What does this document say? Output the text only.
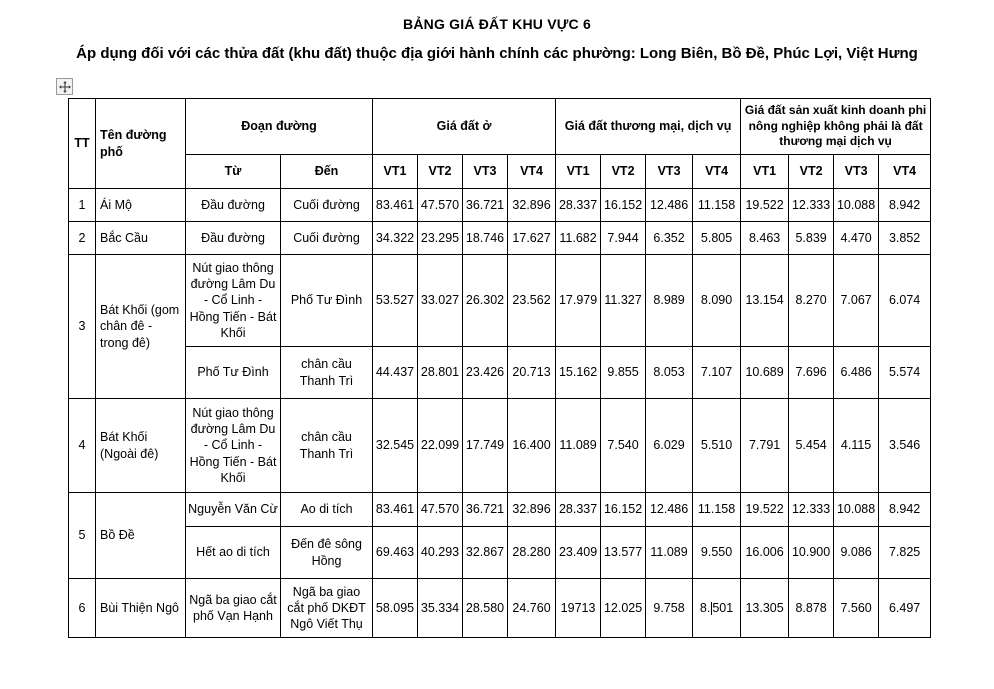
BẢNG GIÁ ĐẤT KHU VỰC 6
Áp dụng đối với các thửa đất (khu đất) thuộc địa giới hành chính các phường: Long Biên, Bồ Đề, Phúc Lợi, Việt Hưng
TT	Tên đường phố	Đoạn đường		Giá đất ở				Giá đất thương mại, dịch vụ				Giá đất sản xuất kinh doanh phi nông nghiệp không phải là đất thương mại dịch vụ			
		Từ	Đến	VT1	VT2	VT3	VT4	VT1	VT2	VT3	VT4	VT1	VT2	VT3	VT4
1	Ái Mộ	Đầu đường	Cuối đường	83.461	47.570	36.721	32.896	28.337	16.152	12.486	11.158	19.522	12.333	10.088	8.942
2	Bắc Cầu	Đầu đường	Cuối đường	34.322	23.295	18.746	17.627	11.682	7.944	6.352	5.805	8.463	5.839	4.470	3.852
3	Bát Khối (gom chân đê - trong đê)	Nút giao thông đường Lâm Du - Cổ Linh - Hồng Tiến - Bát Khối	Phố Tư Đình	53.527	33.027	26.302	23.562	17.979	11.327	8.989	8.090	13.154	8.270	7.067	6.074
		Phố Tư Đình	chân cầu Thanh Trì	44.437	28.801	23.426	20.713	15.162	9.855	8.053	7.107	10.689	7.696	6.486	5.574
4	Bát Khối (Ngoài đê)	Nút giao thông đường Lâm Du - Cổ Linh - Hồng Tiến - Bát Khối	chân cầu Thanh Trì	32.545	22.099	17.749	16.400	11.089	7.540	6.029	5.510	7.791	5.454	4.115	3.546
5	Bồ Đề	Nguyễn Văn Cừ	Ao di tích	83.461	47.570	36.721	32.896	28.337	16.152	12.486	11.158	19.522	12.333	10.088	8.942
		Hết ao di tích	Đến đê sông Hồng	69.463	40.293	32.867	28.280	23.409	13.577	11.089	9.550	16.006	10.900	9.086	7.825
6	Bùi Thiện Ngô	Ngã ba giao cắt phố Vạn Hạnh	Ngã ba giao cắt phố DKĐT Ngô Viết Thụ	58.095	35.334	28.580	24.760	19713	12.025	9.758	8. 501	13.305	8.878	7.560	6.497
